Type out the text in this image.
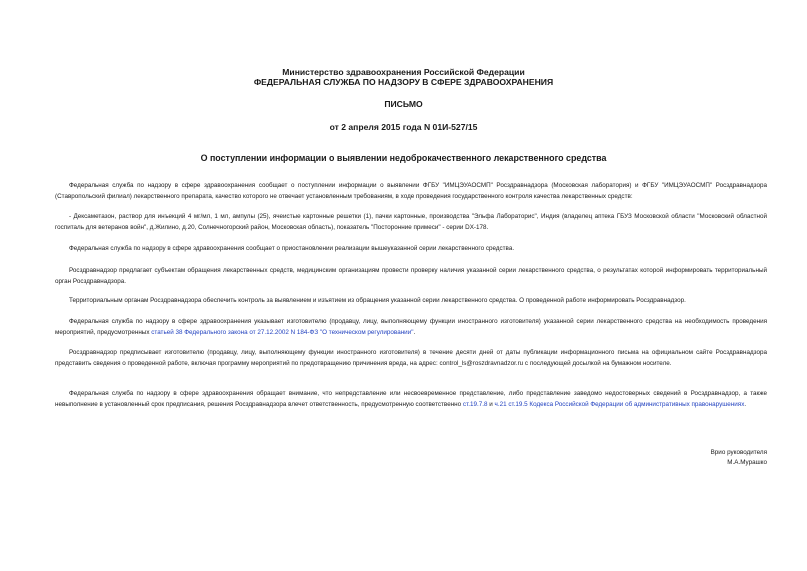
Министерство здравоохранения Российской Федерации
ФЕДЕРАЛЬНАЯ СЛУЖБА ПО НАДЗОРУ В СФЕРЕ ЗДРАВООХРАНЕНИЯ
ПИСЬМО
от 2 апреля 2015 года N 01И-527/15
О поступлении информации о выявлении недоброкачественного лекарственного средства

Федеральная служба по надзору в сфере здравоохранения сообщает о поступлении информации о выявлении ФГБУ "ИМЦЭУАОСМП" Росздравнадзора (Московская лаборатория) и ФГБУ "ИМЦЭУАОСМП" Росздравнадзора (Ставропольский филиал) лекарственного препарата, качество которого не отвечает установленным требованиям, в ходе проведения государственного контроля качества лекарственных средств:

- Дексаметазон, раствор для инъекций 4 мг/мл, 1 мл, ампулы (25), ячеистые картонные решетки (1), пачки картонные, производства "Эльфа Лабораторис", Индия (владелец аптека ГБУЗ Московской области "Московский областной госпиталь для ветеранов войн", д.Жилино, д.20, Солнечногорский район, Московская область), показатель "Посторонние примеси" - серии DX-178.

Федеральная служба по надзору в сфере здравоохранения сообщает о приостановлении реализации вышеуказанной серии лекарственного средства.

Росздравнадзор предлагает субъектам обращения лекарственных средств, медицинским организациям провести проверку наличия указанной серии лекарственного средства, о результатах которой информировать территориальный орган Росздравнадзора.

Территориальным органам Росздравнадзора обеспечить контроль за выявлением и изъятием из обращения указанной серии лекарственного средства. О проведенной работе информировать Росздравнадзор.

Федеральная служба по надзору в сфере здравоохранения указывает изготовителю (продавцу, лицу, выполняющему функции иностранного изготовителя) указанной серии лекарственного средства на необходимость проведения мероприятий, предусмотренных статьей 38 Федерального закона от 27.12.2002 N 184-ФЗ "О техническом регулировании".

Росздравнадзор предписывает изготовителю (продавцу, лицу, выполняющему функции иностранного изготовителя) в течение десяти дней от даты публикации информационного письма на официальном сайте Росздравнадзора представить сведения о проведенной работе, включая программу мероприятий по предотвращению причинения вреда, на адрес: control_ls@roszdravnadzor.ru с последующей досылкой на бумажном носителе.

Федеральная служба по надзору в сфере здравоохранения обращает внимание, что непредставление или несвоевременное представление, либо представление заведомо недостоверных сведений в Росздравнадзор, а также невыполнение в установленный срок предписания, решения Росздравнадзора влечет ответственность, предусмотренную соответственно ст.19.7.8 и ч.21 ст.19.5 Кодекса Российской Федерации об административных правонарушениях.

Врио руководителя
М.А.Мурашко
